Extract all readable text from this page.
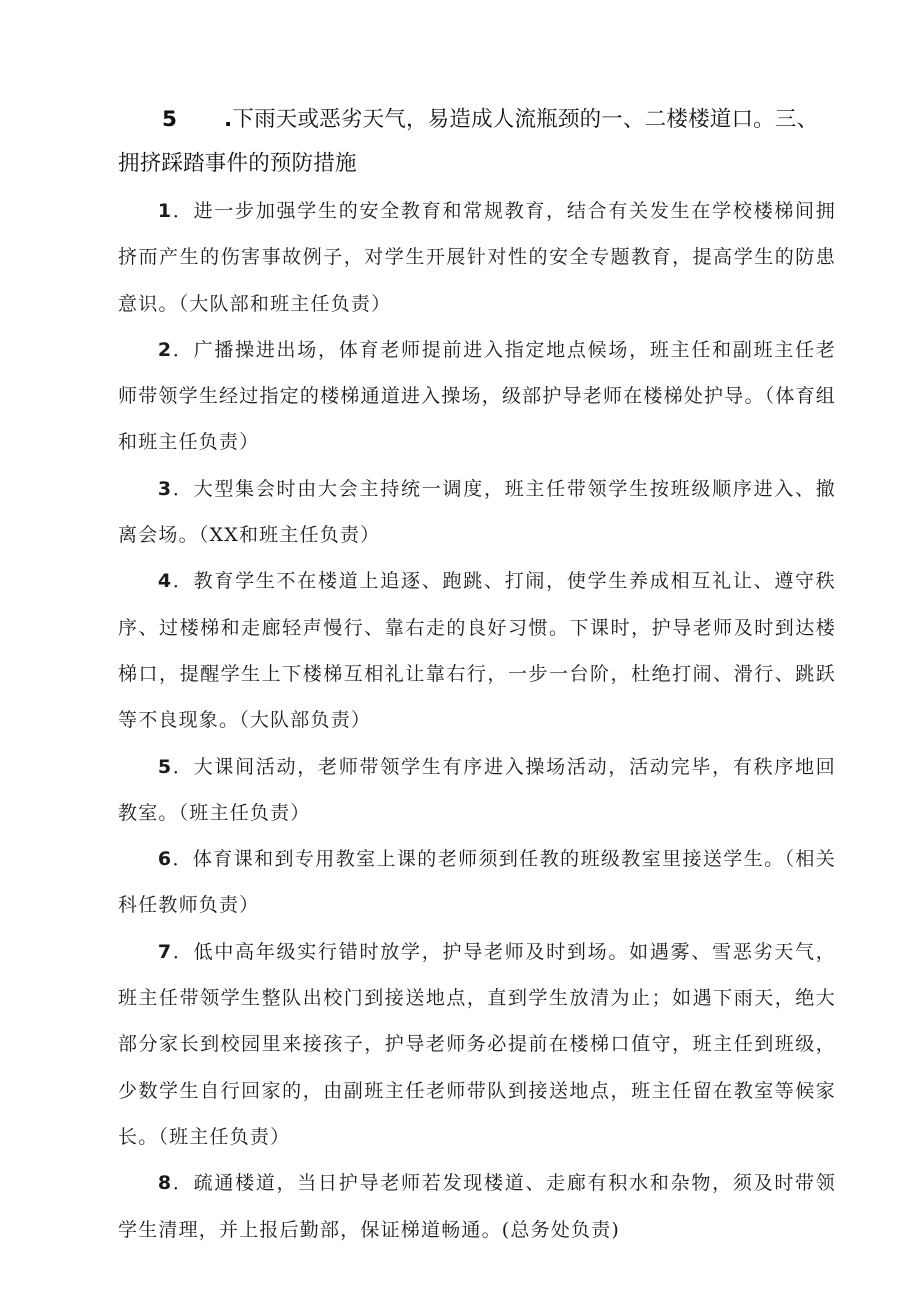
5 .下雨天或恶劣天气，易造成人流瓶颈的一、二楼楼道口。三、
拥挤踩踏事件的预防措施

1．进一步加强学生的安全教育和常规教育，结合有关发生在学校楼梯间拥挤而产生的伤害事故例子，对学生开展针对性的安全专题教育，提高学生的防患意识。（大队部和班主任负责）

2．广播操进出场，体育老师提前进入指定地点候场，班主任和副班主任老师带领学生经过指定的楼梯通道进入操场，级部护导老师在楼梯处护导。（体育组和班主任负责）

3．大型集会时由大会主持统一调度，班主任带领学生按班级顺序进入、撤离会场。（XX和班主任负责）

4．教育学生不在楼道上追逐、跑跳、打闹，使学生养成相互礼让、遵守秩序、过楼梯和走廊轻声慢行、靠右走的良好习惯。下课时，护导老师及时到达楼梯口，提醒学生上下楼梯互相礼让靠右行，一步一台阶，杜绝打闹、滑行、跳跃等不良现象。（大队部负责）

5．大课间活动，老师带领学生有序进入操场活动，活动完毕，有秩序地回教室。（班主任负责）

6．体育课和到专用教室上课的老师须到任教的班级教室里接送学生。（相关科任教师负责）

7．低中高年级实行错时放学，护导老师及时到场。如遇雾、雪恶劣天气，班主任带领学生整队出校门到接送地点，直到学生放清为止；如遇下雨天，绝大部分家长到校园里来接孩子，护导老师务必提前在楼梯口值守，班主任到班级，少数学生自行回家的，由副班主任老师带队到接送地点，班主任留在教室等候家长。（班主任负责）

8．疏通楼道，当日护导老师若发现楼道、走廊有积水和杂物，须及时带领学生清理，并上报后勤部，保证梯道畅通。(总务处负责)
